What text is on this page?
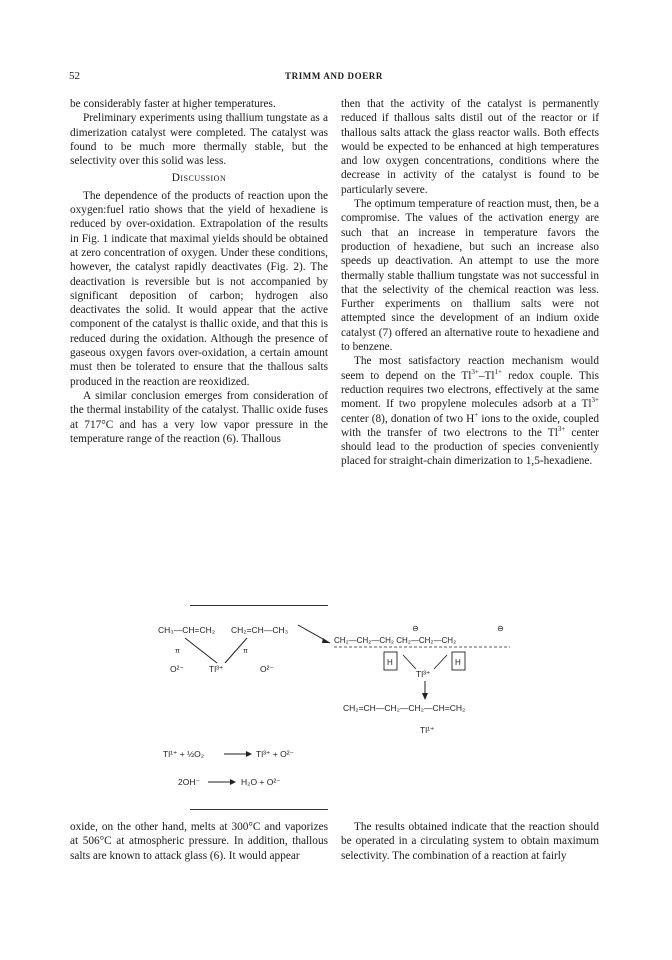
52	TRIMM AND DOERR

be considerably faster at higher temperatures.

Preliminary experiments using thallium tungstate as a dimerization catalyst were completed. The catalyst was found to be much more thermally stable, but the selectivity over this solid was less.

Discussion

The dependence of the products of reaction upon the oxygen:fuel ratio shows that the yield of hexadiene is reduced by over-oxidation. Extrapolation of the results in Fig. 1 indicate that maximal yields should be obtained at zero concentration of oxygen. Under these conditions, however, the catalyst rapidly deactivates (Fig. 2). The deactivation is reversible but is not accompanied by significant deposition of carbon; hydrogen also deactivates the solid. It would appear that the active component of the catalyst is thallic oxide, and that this is reduced during the oxidation. Although the presence of gaseous oxygen favors over-oxidation, a certain amount must then be tolerated to ensure that the thallous salts produced in the reaction are reoxidized.

A similar conclusion emerges from consideration of the thermal instability of the catalyst. Thallic oxide fuses at 717°C and has a very low vapor pressure in the temperature range of the reaction (6). Thallous

then that the activity of the catalyst is permanently reduced if thallous salts distil out of the reactor or if thallous salts attack the glass reactor walls. Both effects would be expected to be enhanced at high temperatures and low oxygen concentrations, conditions where the decrease in activity of the catalyst is found to be particularly severe.

The optimum temperature of reaction must, then, be a compromise. The values of the activation energy are such that an increase in temperature favors the production of hexadiene, but such an increase also speeds up deactivation. An attempt to use the more thermally stable thallium tungstate was not successful in that the selectivity of the chemical reaction was less. Further experiments on thallium salts were not attempted since the development of an indium oxide catalyst (7) offered an alternative route to hexadiene and to benzene.

The most satisfactory reaction mechanism would seem to depend on the $Tl^{3+}-Tl^{1+}$ redox couple. This reduction requires two electrons, effectively at the same moment. If two propylene molecules adsorb at a $Tl^{3+}$ center (8), donation of two H+ ions to the oxide, coupled with the transfer of two electrons to the $Tl^{3+}$ center should lead to the production of species conveniently placed for straight-chain dimerization to 1,5-hexadiene.

CH₃—CH=CH₂ CH₂=CH—CH₃
π	π
O²⁻	Tl³⁺	O²⁻
⊖	⊖
CH₂—CH₂—CH₂ CH₂—CH₂—CH₂
H	H
Tl³⁺
CH₂=CH—CH₂—CH₂—CH=CH₂
Tl¹⁺
Tl¹⁺ + ½O₂	Tl³⁺ + O²⁻
2OH⁻	H₂O + O²⁻

oxide, on the other hand, melts at 300°C and vaporizes at 506°C at atmospheric pressure. In addition, thallous salts are known to attack glass (6). It would appear

The results obtained indicate that the reaction should be operated in a circulating system to obtain maximum selectivity. The combination of a reaction at fairly
